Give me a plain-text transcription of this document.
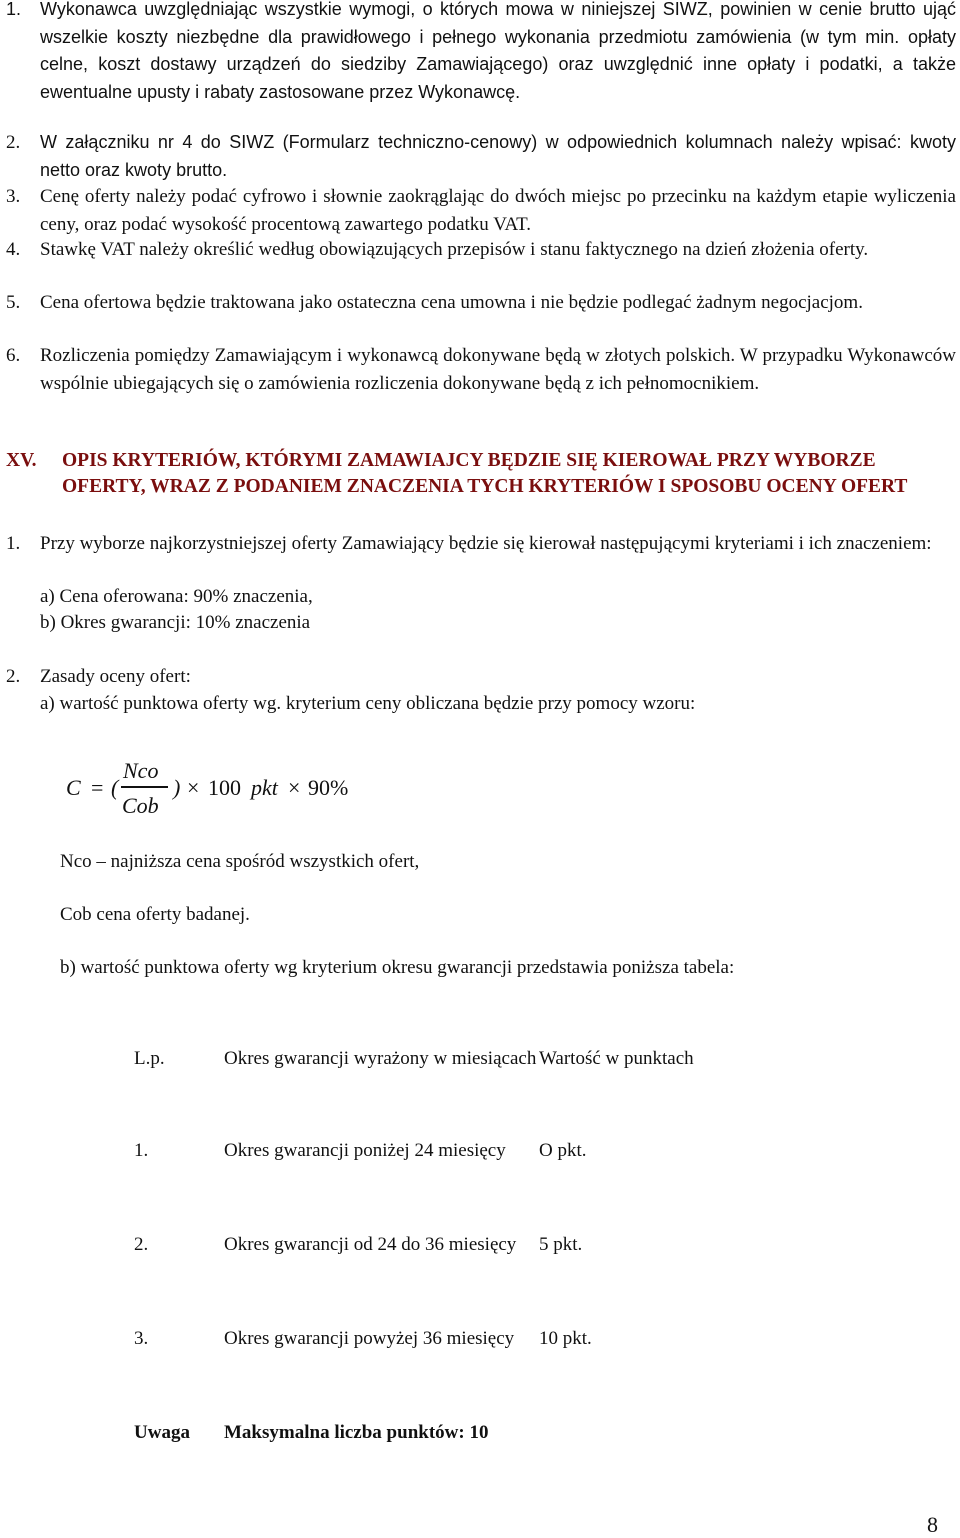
1. Wykonawca uwzględniając wszystkie wymogi, o których mowa w niniejszej SIWZ, powinien w cenie brutto ująć wszelkie koszty niezbędne dla prawidłowego i pełnego wykonania przedmiotu zamówienia (w tym min. opłaty celne, koszt dostawy urządzeń do siedziby Zamawiającego) oraz uwzględnić inne opłaty i podatki, a także ewentualne upusty i rabaty zastosowane przez Wykonawcę.
2. W załączniku nr 4 do SIWZ (Formularz techniczno-cenowy) w odpowiednich kolumnach należy wpisać: kwoty netto oraz kwoty brutto.
3. Cenę oferty należy podać cyfrowo i słownie zaokrąglając do dwóch miejsc po przecinku na każdym etapie wyliczenia ceny, oraz podać wysokość procentową zawartego podatku VAT.
4. Stawkę VAT należy określić według obowiązujących przepisów i stanu faktycznego na dzień złożenia oferty.
5. Cena ofertowa będzie traktowana jako ostateczna cena umowna i nie będzie podlegać żadnym negocjacjom.
6. Rozliczenia pomiędzy Zamawiającym i wykonawcą dokonywane będą w złotych polskich. W przypadku Wykonawców wspólnie ubiegających się o zamówienia rozliczenia dokonywane będą z ich pełnomocnikiem.
XV. OPIS KRYTERIÓW, KTÓRYMI ZAMAWIAJCY BĘDZIE SIĘ KIEROWAŁ PRZY WYBORZE OFERTY, WRAZ Z PODANIEM ZNACZENIA TYCH KRYTERIÓW I SPOSOBU OCENY OFERT
1. Przy wyborze najkorzystniejszej oferty Zamawiający będzie się kierował następującymi kryteriami i ich znaczeniem:
a) Cena oferowana: 90% znaczenia,
b) Okres gwarancji: 10% znaczenia
2. Zasady oceny ofert:
a) wartość punktowa oferty wg. kryterium ceny obliczana będzie przy pomocy wzoru:
C = (
Nco
Cob
) × 100 pkt × 90%
Nco – najniższa cena spośród wszystkich ofert,
Cob cena oferty badanej.
b) wartość punktowa oferty wg kryterium okresu gwarancji przedstawia poniższa tabela:
L.p.	Okres gwarancji wyrażony w miesiącach	Wartość w punktach
1.	Okres gwarancji poniżej 24 miesięcy	O pkt.
2.	Okres gwarancji od 24 do 36 miesięcy	5 pkt.
3.	Okres gwarancji powyżej 36 miesięcy	10 pkt.
Uwaga	Maksymalna liczba punktów: 10	
8
